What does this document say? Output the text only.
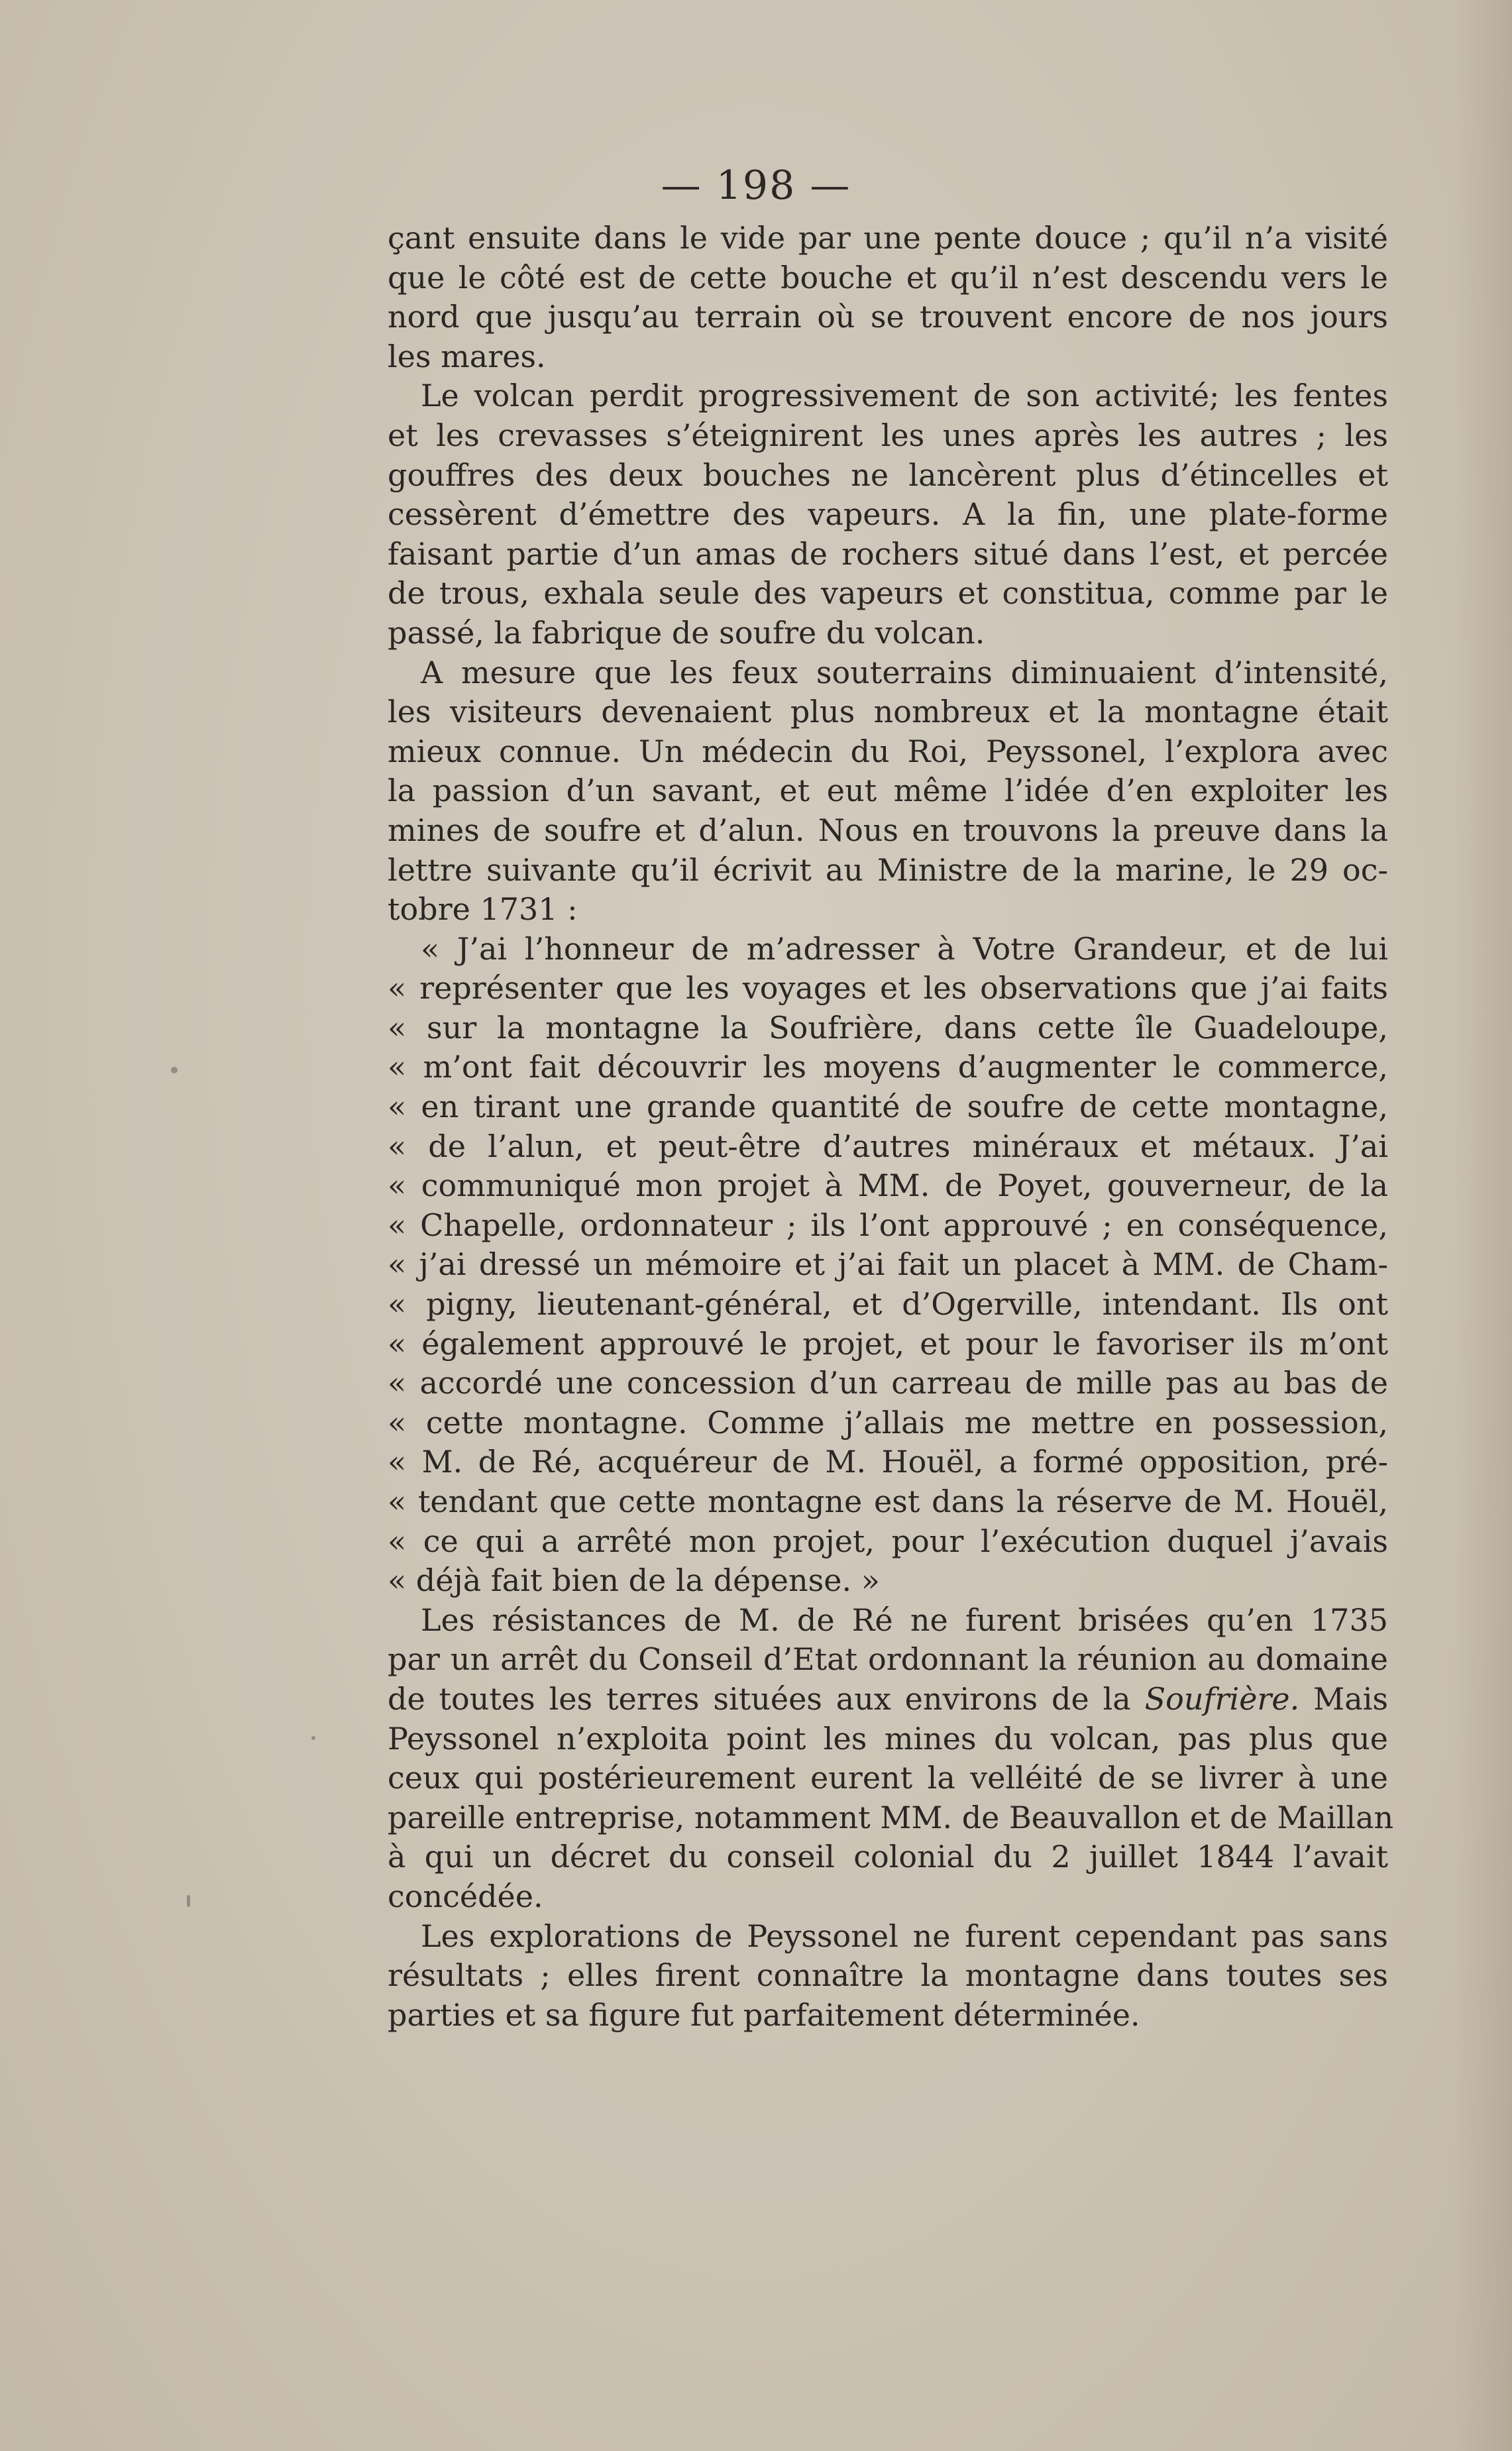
— 198 —
çant ensuite dans le vide par une pente douce ; qu’il n’a visité
que le côté est de cette bouche et qu’il n’est descendu vers le
nord que jusqu’au terrain où se trouvent encore de nos jours
les mares.
Le volcan perdit progressivement de son activité; les fentes
et les crevasses s’éteignirent les unes après les autres ; les
gouffres des deux bouches ne lancèrent plus d’étincelles et
cessèrent d’émettre des vapeurs. A la fin, une plate-forme
faisant partie d’un amas de rochers situé dans l’est, et percée
de trous, exhala seule des vapeurs et constitua, comme par le
passé, la fabrique de soufre du volcan.
A mesure que les feux souterrains diminuaient d’intensité,
les visiteurs devenaient plus nombreux et la montagne était
mieux connue. Un médecin du Roi, Peyssonel, l’explora avec
la passion d’un savant, et eut même l’idée d’en exploiter les
mines de soufre et d’alun. Nous en trouvons la preuve dans la
lettre suivante qu’il écrivit au Ministre de la marine, le 29 oc-
tobre 1731 :
« J’ai l’honneur de m’adresser à Votre Grandeur, et de lui
« représenter que les voyages et les observations que j’ai faits
« sur la montagne la Soufrière, dans cette île Guadeloupe,
« m’ont fait découvrir les moyens d’augmenter le commerce,
« en tirant une grande quantité de soufre de cette montagne,
« de l’alun, et peut-être d’autres minéraux et métaux. J’ai
« communiqué mon projet à MM. de Poyet, gouverneur, de la
« Chapelle, ordonnateur ; ils l’ont approuvé ; en conséquence,
« j’ai dressé un mémoire et j’ai fait un placet à MM. de Cham-
« pigny, lieutenant-général, et d’Ogerville, intendant. Ils ont
« également approuvé le projet, et pour le favoriser ils m’ont
« accordé une concession d’un carreau de mille pas au bas de
« cette montagne. Comme j’allais me mettre en possession,
« M. de Ré, acquéreur de M. Houël, a formé opposition, pré-
« tendant que cette montagne est dans la réserve de M. Houël,
« ce qui a arrêté mon projet, pour l’exécution duquel j’avais
« déjà fait bien de la dépense. »
Les résistances de M. de Ré ne furent brisées qu’en 1735
par un arrêt du Conseil d’Etat ordonnant la réunion au domaine
de toutes les terres situées aux environs de la Soufrière. Mais
Peyssonel n’exploita point les mines du volcan, pas plus que
ceux qui postérieurement eurent la velléité de se livrer à une
pareille entreprise, notamment MM. de Beauvallon et de Maillan
à qui un décret du conseil colonial du 2 juillet 1844 l’avait
concédée.
Les explorations de Peyssonel ne furent cependant pas sans
résultats ; elles firent connaître la montagne dans toutes ses
parties et sa figure fut parfaitement déterminée.
